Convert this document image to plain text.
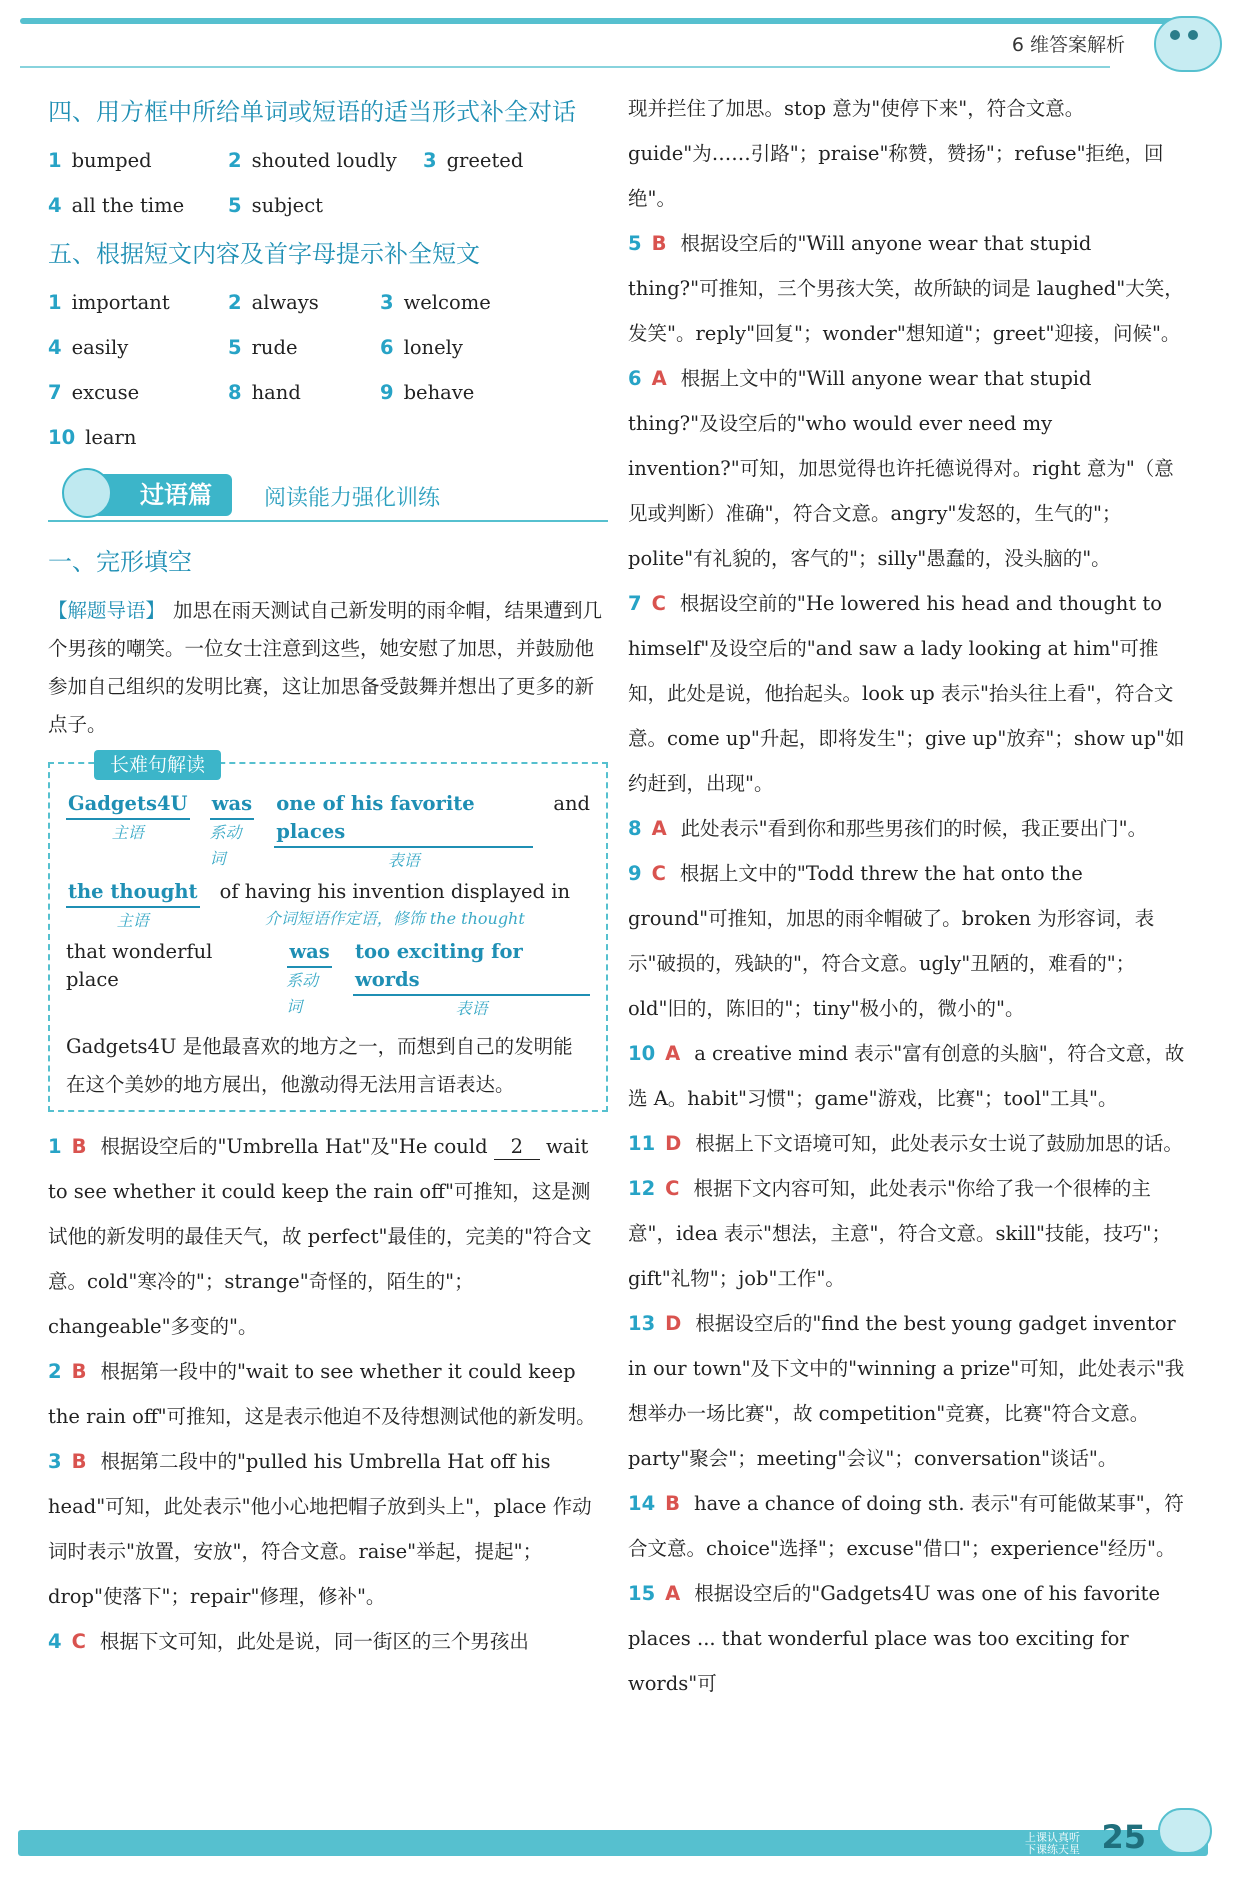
6 维答案解析
四、用方框中所给单词或短语的适当形式补全对话
1 bumped	2 shouted loudly 3 greeted
4 all the time 5 subject
五、根据短文内容及首字母提示补全短文
1 important	2 always	3 welcome
4 easily	5 rude	6 lonely
7 excuse	8 hand	9 behave
10 learn
过语篇	阅读能力强化训练
一、完形填空

【解题导语】 加思在雨天测试自己新发明的雨伞帽，结果遭到几个男孩的嘲笑。一位女士注意到这些，她安慰了加思，并鼓励他参加自己组织的发明比赛，这让加思备受鼓舞并想出了更多的新点子。

长难句解读
Gadgets4U
主语
was
系动词
one of his favorite places
表语
and
the thought
主语
of having his invention displayed in
介词短语作定语，修饰 the thought
that wonderful place
was
系动词
too exciting for words
表语
Gadgets4U 是他最喜欢的地方之一，而想到自己的发明能在这个美妙的地方展出，他激动得无法用言语表达。

1 B 根据设空后的"Umbrella Hat"及"He could 2 wait to see whether it could keep the rain off"可推知，这是测试他的新发明的最佳天气，故 perfect"最佳的，完美的"符合文意。cold"寒冷的"；strange"奇怪的，陌生的"；changeable"多变的"。

2 B 根据第一段中的"wait to see whether it could keep the rain off"可推知，这是表示他迫不及待想测试他的新发明。

3 B 根据第二段中的"pulled his Umbrella Hat off his head"可知，此处表示"他小心地把帽子放到头上"，place 作动词时表示"放置，安放"，符合文意。raise"举起，提起"；drop"使落下"；repair"修理，修补"。

4 C 根据下文可知，此处是说，同一街区的三个男孩出

现并拦住了加思。stop 意为"使停下来"，符合文意。guide"为……引路"；praise"称赞，赞扬"；refuse"拒绝，回绝"。

5 B 根据设空后的"Will anyone wear that stupid thing?"可推知，三个男孩大笑，故所缺的词是 laughed"大笑，发笑"。reply"回复"；wonder"想知道"；greet"迎接，问候"。

6 A 根据上文中的"Will anyone wear that stupid thing?"及设空后的"who would ever need my invention?"可知，加思觉得也许托德说得对。right 意为"（意见或判断）准确"，符合文意。angry"发怒的，生气的"；polite"有礼貌的，客气的"；silly"愚蠢的，没头脑的"。

7 C 根据设空前的"He lowered his head and thought to himself"及设空后的"and saw a lady looking at him"可推知，此处是说，他抬起头。look up 表示"抬头往上看"，符合文意。come up"升起，即将发生"；give up"放弃"；show up"如约赶到，出现"。

8 A 此处表示"看到你和那些男孩们的时候，我正要出门"。

9 C 根据上文中的"Todd threw the hat onto the ground"可推知，加思的雨伞帽破了。broken 为形容词，表示"破损的，残缺的"，符合文意。ugly"丑陋的，难看的"；old"旧的，陈旧的"；tiny"极小的，微小的"。

10 A a creative mind 表示"富有创意的头脑"，符合文意，故选 A。habit"习惯"；game"游戏，比赛"；tool"工具"。

11 D 根据上下文语境可知，此处表示女士说了鼓励加思的话。

12 C 根据下文内容可知，此处表示"你给了我一个很棒的主意"，idea 表示"想法，主意"，符合文意。skill"技能，技巧"；gift"礼物"；job"工作"。

13 D 根据设空后的"find the best young gadget inventor in our town"及下文中的"winning a prize"可知，此处表示"我想举办一场比赛"，故 competition"竞赛，比赛"符合文意。party"聚会"；meeting"会议"；conversation"谈话"。

14 B have a chance of doing sth. 表示"有可能做某事"，符合文意。choice"选择"；excuse"借口"；experience"经历"。

15 A 根据设空后的"Gadgets4U was one of his favorite places ... that wonderful place was too exciting for words"可

上课认真听
下课练天星 25
